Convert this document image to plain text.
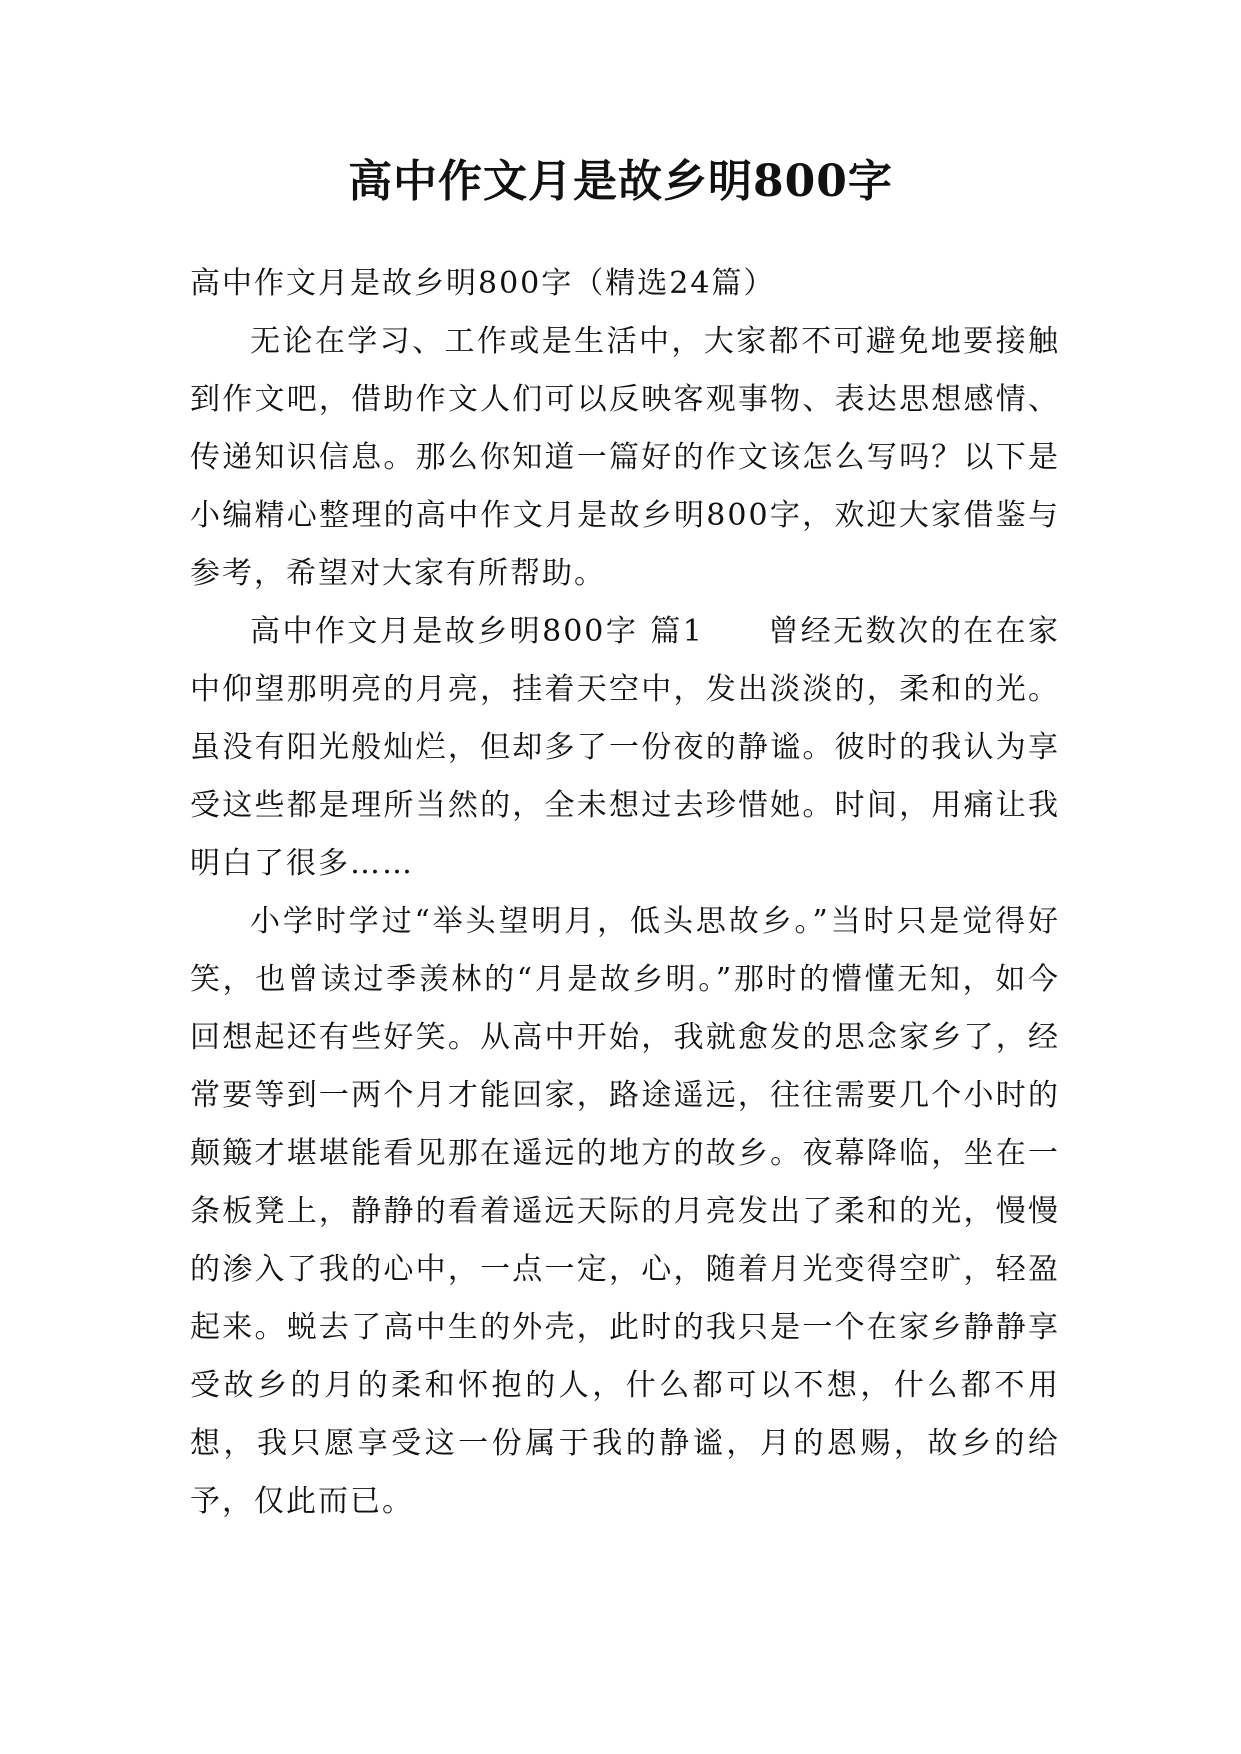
高中作文月是故乡明800字

高中作文月是故乡明800字（精选24篇）

无论在学习、工作或是生活中，大家都不可避免地要接触到作文吧，借助作文人们可以反映客观事物、表达思想感情、传递知识信息。那么你知道一篇好的作文该怎么写吗？以下是小编精心整理的高中作文月是故乡明800字，欢迎大家借鉴与参考，希望对大家有所帮助。

高中作文月是故乡明800字 篇1 曾经无数次的在在家中仰望那明亮的月亮，挂着天空中，发出淡淡的，柔和的光。虽没有阳光般灿烂，但却多了一份夜的静谧。彼时的我认为享受这些都是理所当然的，全未想过去珍惜她。时间，用痛让我明白了很多……

小学时学过“举头望明月，低头思故乡。”当时只是觉得好笑，也曾读过季羡林的“月是故乡明。”那时的懵懂无知，如今回想起还有些好笑。从高中开始，我就愈发的思念家乡了，经常要等到一两个月才能回家，路途遥远，往往需要几个小时的颠簸才堪堪能看见那在遥远的地方的故乡。夜幕降临，坐在一条板凳上，静静的看着遥远天际的月亮发出了柔和的光，慢慢的渗入了我的心中，一点一定，心，随着月光变得空旷，轻盈起来。蜕去了高中生的外壳，此时的我只是一个在家乡静静享受故乡的月的柔和怀抱的人，什么都可以不想，什么都不用想，我只愿享受这一份属于我的静谧，月的恩赐，故乡的给予，仅此而已。
